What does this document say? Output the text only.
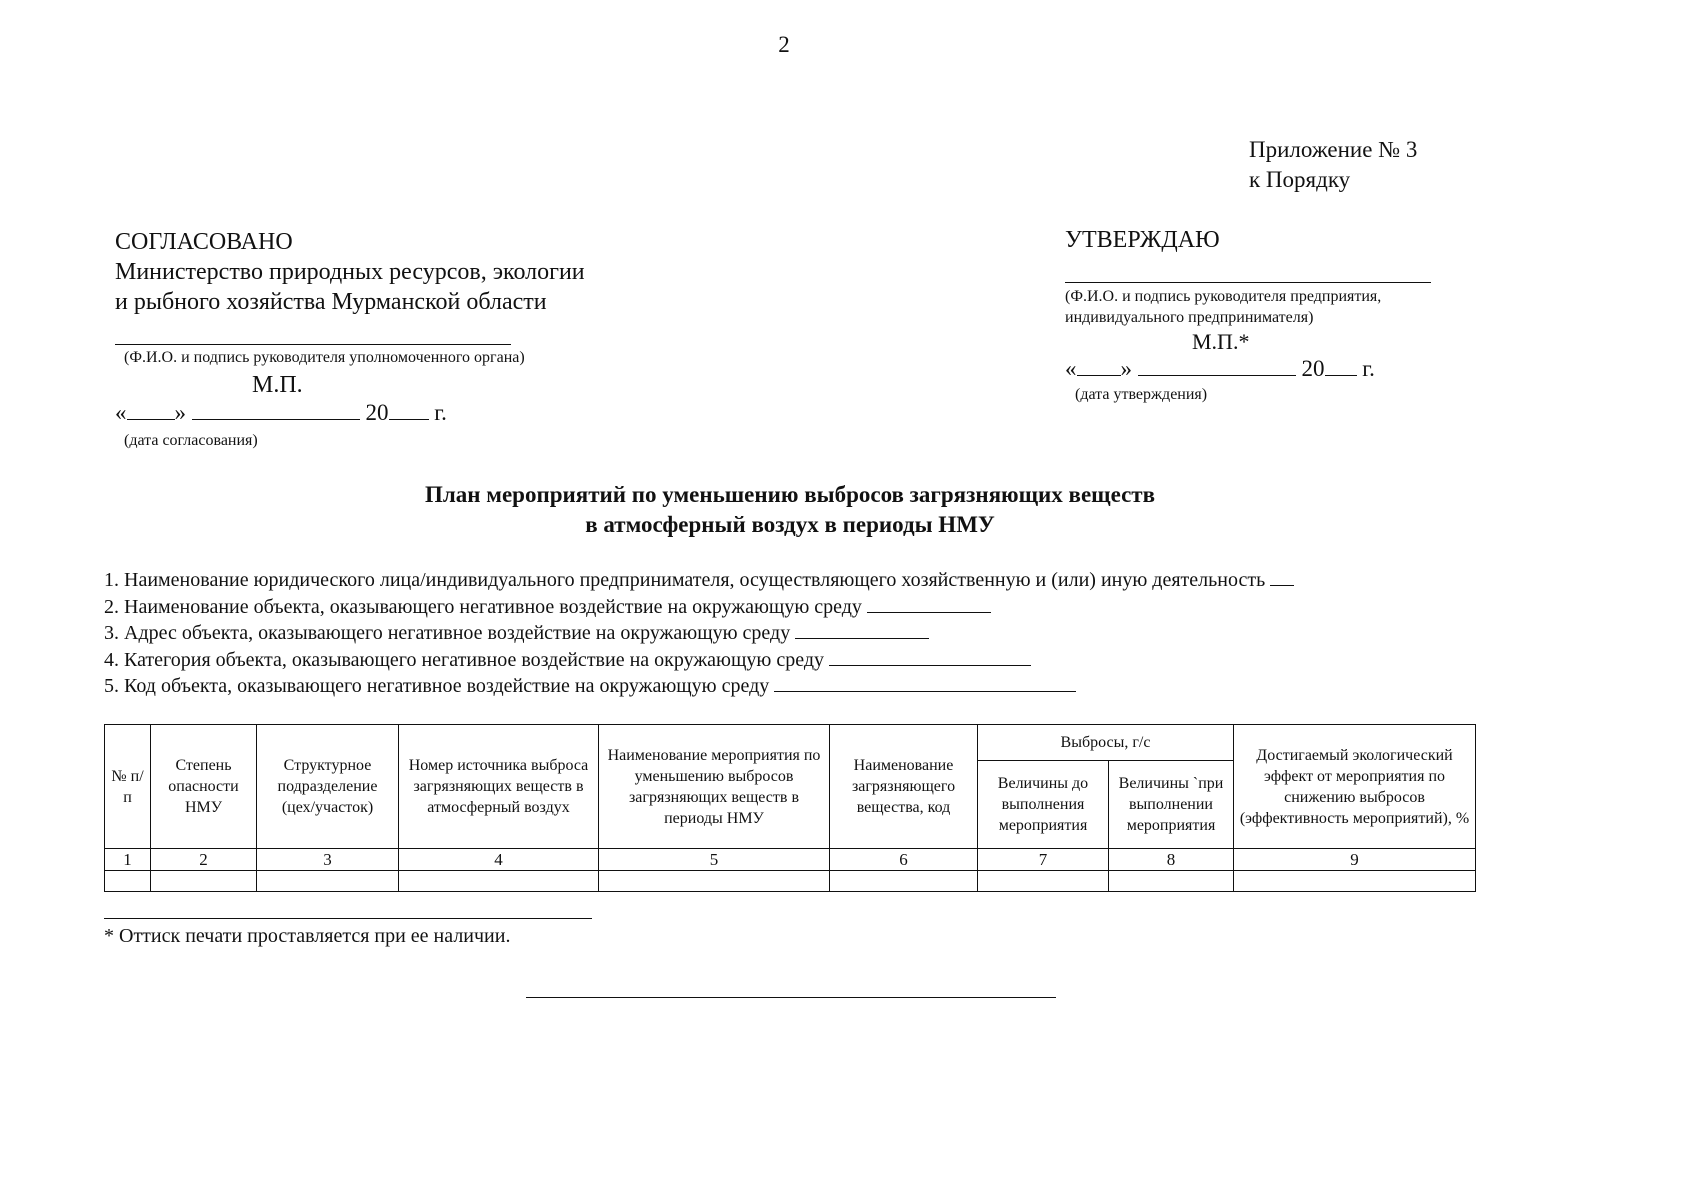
2
Приложение № 3
к Порядку
СОГЛАСОВАНО
Министерство природных ресурсов, экологии
и рыбного хозяйства Мурманской области
(Ф.И.О. и подпись руководителя уполномоченного органа)
М.П.
« »	20 г.
(дата согласования)
УТВЕРЖДАЮ
(Ф.И.О. и подпись руководителя предприятия,
индивидуального предпринимателя)
М.П.*
« »	20 г.
(дата утверждения)
План мероприятий по уменьшению выбросов загрязняющих веществ
в атмосферный воздух в периоды НМУ
1. Наименование юридического лица/индивидуального предпринимателя, осуществляющего хозяйственную и (или) иную деятельность
2. Наименование объекта, оказывающего негативное воздействие на окружающую среду
3. Адрес объекта, оказывающего негативное воздействие на окружающую среду
4. Категория объекта, оказывающего негативное воздействие на окружающую среду
5. Код объекта, оказывающего негативное воздействие на окружающую среду
№ п/п	Степень опасности НМУ	Структурное подразделение (цех/участок)	Номер источника выброса загрязняющих веществ в атмосферный воздух	Наименование мероприятия по уменьшению выбросов загрязняющих веществ в периоды НМУ	Наименование загрязняющего вещества, код	Выбросы, г/с		Достигаемый экологический эффект от мероприятия по снижению выбросов (эффективность мероприятий), %
						Величины до выполнения мероприятия	Величины `при выполнении мероприятия	
1	2	3	4	5	6	7	8	9

* Оттиск печати проставляется при ее наличии.
